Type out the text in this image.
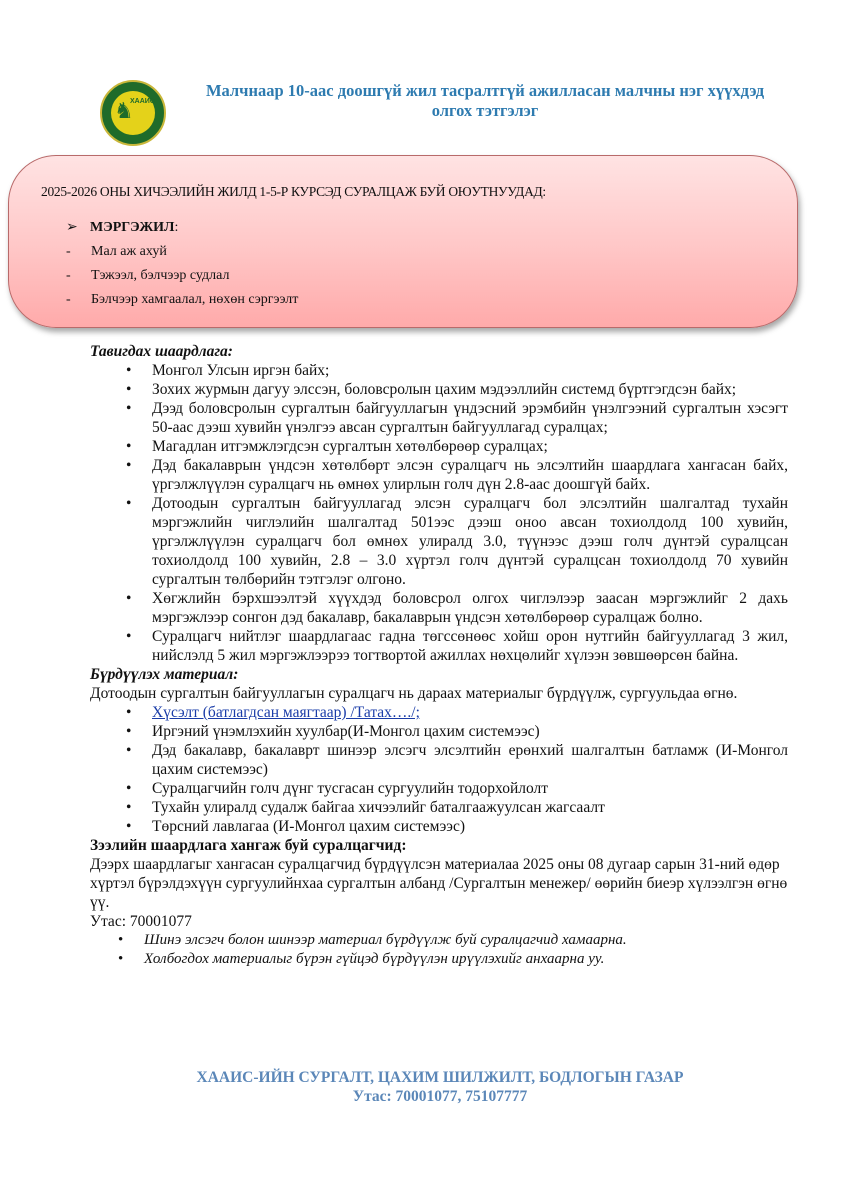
♞
ХААИС
Малчнаар 10-аас доошгүй жил тасралтгүй ажилласан малчны нэг хүүхдэд
олгох тэтгэлэг
2025-2026 ОНЫ ХИЧЭЭЛИЙН ЖИЛД 1-5-Р КУРСЭД СУРАЛЦАЖ БУЙ ОЮУТНУУДАД:
➢ МЭРГЭЖИЛ:
- Мал аж ахуй
- Тэжээл, бэлчээр судлал
- Бэлчээр хамгаалал, нөхөн сэргээлт
Тавигдах шаардлага:
• Монгол Улсын иргэн байх;
• Зохих журмын дагуу элссэн, боловсролын цахим мэдээллийн системд бүртгэгдсэн байх;
• Дээд боловсролын сургалтын байгууллагын үндэсний эрэмбийн үнэлгээний сургалтын хэсэгт 50-аас дээш хувийн үнэлгээ авсан сургалтын байгууллагад суралцах;
• Магадлан итгэмжлэгдсэн сургалтын хөтөлбөрөөр суралцах;
• Дэд бакалаврын үндсэн хөтөлбөрт элсэн суралцагч нь элсэлтийн шаардлага хангасан байх, үргэлжлүүлэн суралцагч нь өмнөх улирлын голч дүн 2.8-аас доошгүй байх.
• Дотоодын сургалтын байгууллагад элсэн суралцагч бол элсэлтийн шалгалтад тухайн мэргэжлийн чиглэлийн шалгалтад 501ээс дээш оноо авсан тохиолдолд 100 хувийн, үргэлжлүүлэн суралцагч бол өмнөх улиралд 3.0, түүнээс дээш голч дүнтэй суралцсан тохиолдолд 100 хувийн, 2.8 – 3.0 хүртэл голч дүнтэй суралцсан тохиолдолд 70 хувийн сургалтын төлбөрийн тэтгэлэг олгоно.
• Хөгжлийн бэрхшээлтэй хүүхдэд боловсрол олгох чиглэлээр заасан мэргэжлийг 2 дахь мэргэжлээр сонгон дэд бакалавр, бакалаврын үндсэн хөтөлбөрөөр суралцаж болно.
• Суралцагч нийтлэг шаардлагаас гадна төгссөнөөс хойш орон нутгийн байгууллагад 3 жил, нийслэлд 5 жил мэргэжлээрээ тогтвортой ажиллах нөхцөлийг хүлээн зөвшөөрсөн байна.
Бүрдүүлэх материал:

Дотоодын сургалтын байгууллагын суралцагч нь дараах материалыг бүрдүүлж, сургуульдаа өгнө.

• Хүсэлт (батлагдсан маягтаар) /Татах…./;
• Иргэний үнэмлэхийн хуулбар(И-Монгол цахим системээс)
• Дэд бакалавр, бакалаврт шинээр элсэгч элсэлтийн ерөнхий шалгалтын батламж (И-Монгол цахим системээс)
• Суралцагчийн голч дүнг тусгасан сургуулийн тодорхойлолт
• Тухайн улиралд судалж байгаа хичээлийг баталгаажуулсан жагсаалт
• Төрсний лавлагаа (И-Монгол цахим системээс)
Зээлийн шаардлага хангаж буй суралцагчид:

Дээрх шаардлагыг хангасан суралцагчид бүрдүүлсэн материалаа 2025 оны 08 дугаар сарын 31-ний өдөр хүртэл бүрэлдэхүүн сургуулийнхаа сургалтын албанд /Сургалтын менежер/ өөрийн биеэр хүлээлгэн өгнө үү.

Утас: 70001077
• Шинэ элсэгч болон шинээр материал бүрдүүлж буй суралцагчид хамаарна.
• Холбогдох материалыг бүрэн гүйцэд бүрдүүлэн ирүүлэхийг анхаарна уу.
ХААИС-ИЙН СУРГАЛТ, ЦАХИМ ШИЛЖИЛТ, БОДЛОГЫН ГАЗАР
Утас: 70001077, 75107777
